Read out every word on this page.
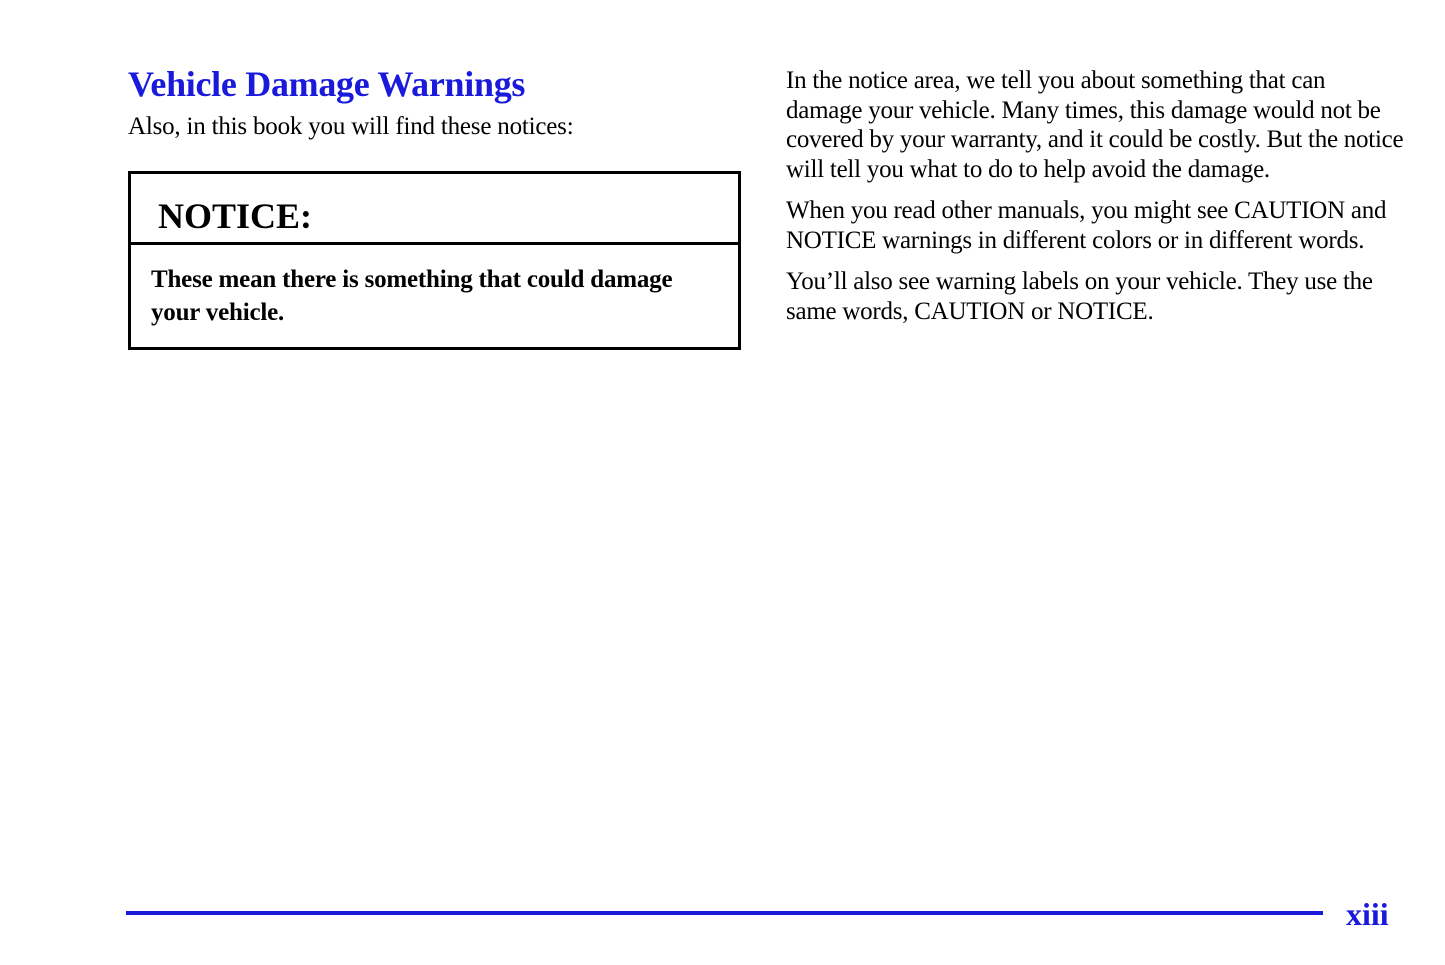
Vehicle Damage Warnings

Also, in this book you will find these notices:

NOTICE:
These mean there is something that could damage your vehicle.

In the notice area, we tell you about something that can damage your vehicle. Many times, this damage would not be covered by your warranty, and it could be costly. But the notice will tell you what to do to help avoid the damage.

When you read other manuals, you might see CAUTION and NOTICE warnings in different colors or in different words.

You’ll also see warning labels on your vehicle. They use the same words, CAUTION or NOTICE.

xiii
